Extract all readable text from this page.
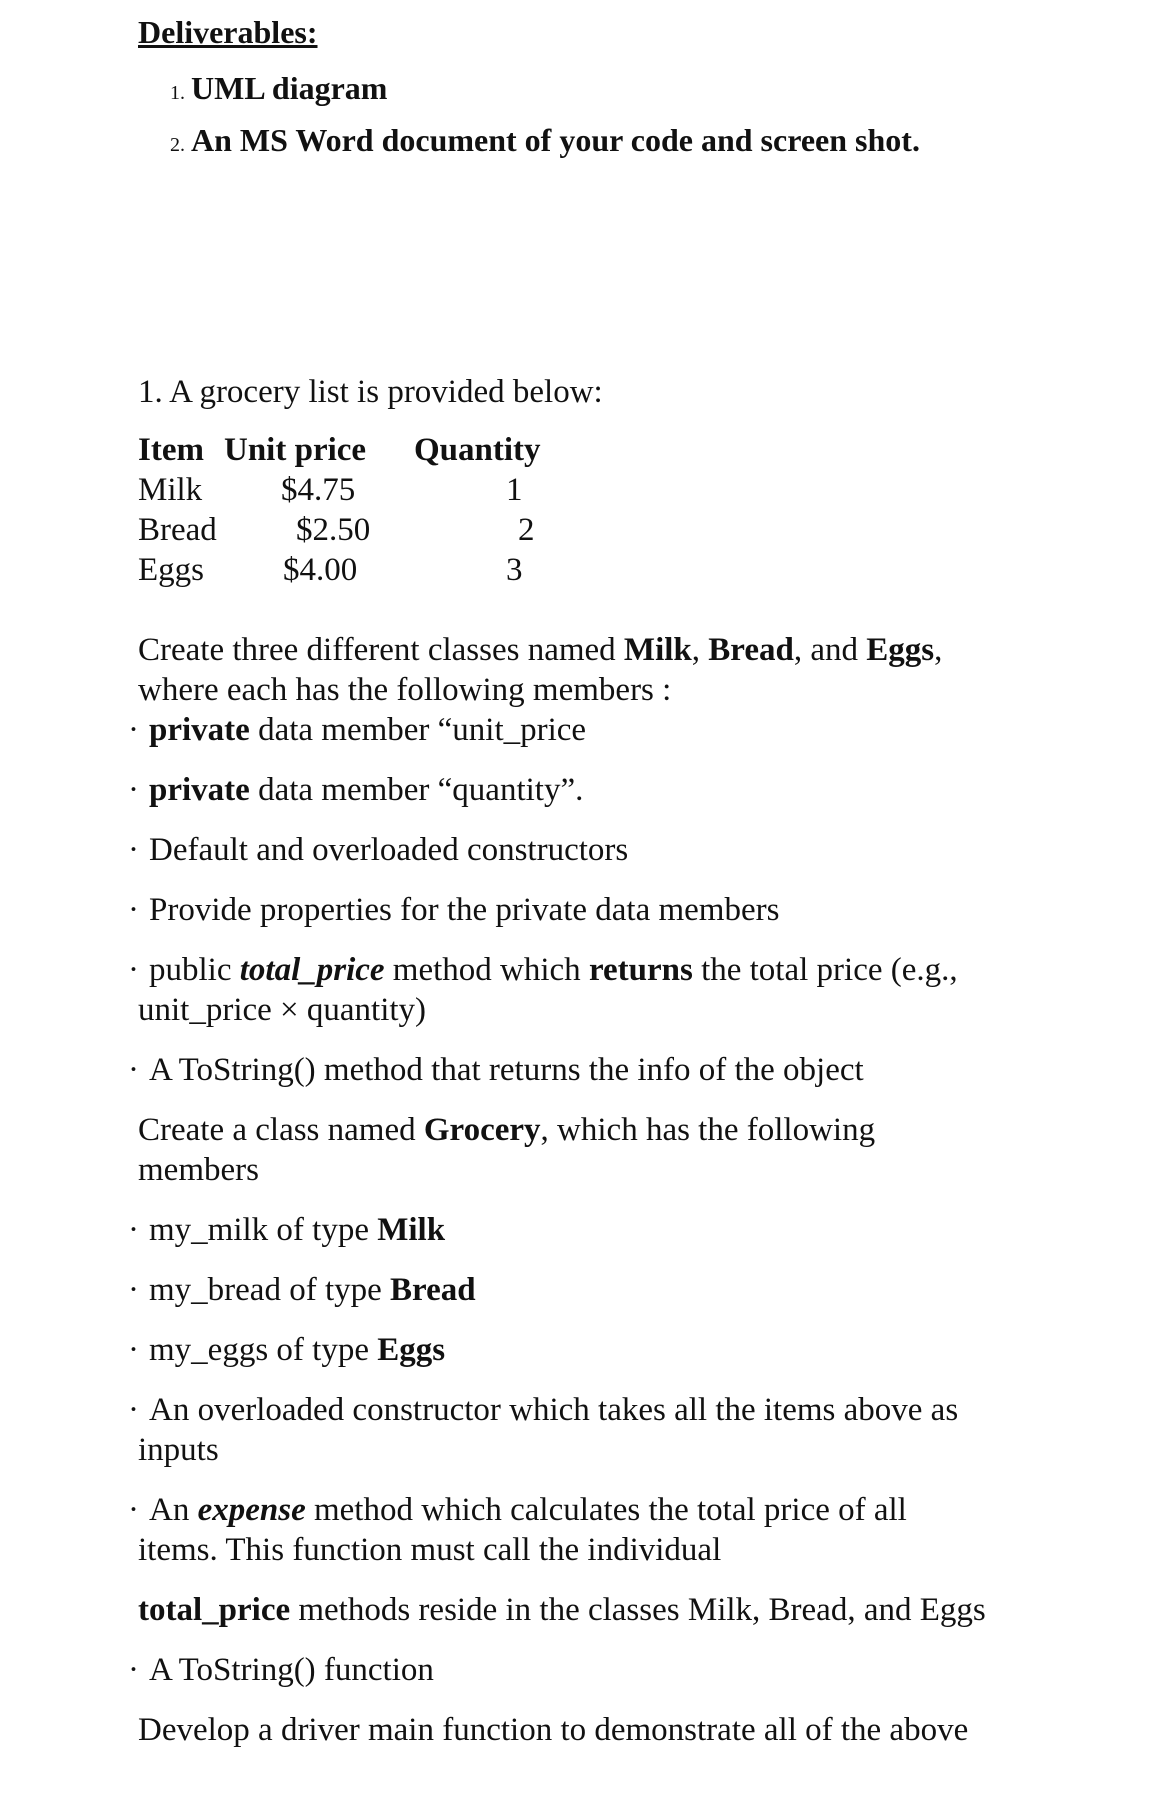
Deliverables:
1. UML diagram
2. An MS Word document of your code and screen shot.
1. A grocery list is provided below:
Item Unit price Quantity
Milk $4.75	1
Bread $2.50	2
Eggs $4.00	3
Create three different classes named Milk, Bread, and Eggs,
where each has the following members :
· private data member “unit_price
· private data member “quantity”.
· Default and overloaded constructors
· Provide properties for the private data members
· public total_price method which returns the total price (e.g.,
unit_price × quantity)
· A ToString() method that returns the info of the object
Create a class named Grocery, which has the following
members
· my_milk of type Milk
· my_bread of type Bread
· my_eggs of type Eggs
· An overloaded constructor which takes all the items above as
inputs
· An expense method which calculates the total price of all
items. This function must call the individual
total_price methods reside in the classes Milk, Bread, and Eggs
· A ToString() function
Develop a driver main function to demonstrate all of the above
